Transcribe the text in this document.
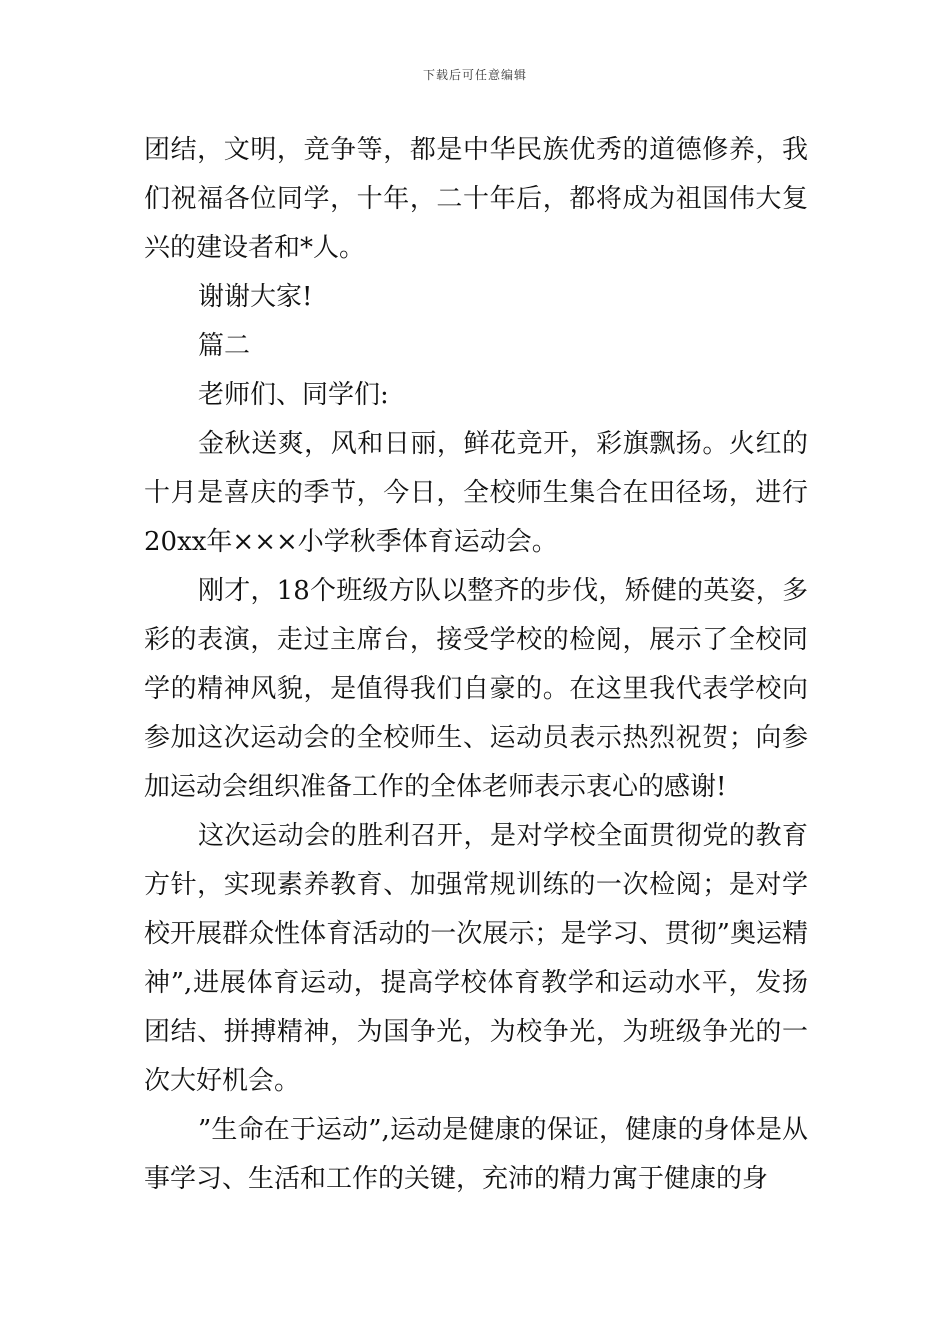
下载后可任意编辑

团结，文明，竞争等，都是中华民族优秀的道德修养，我们祝福各位同学，十年，二十年后，都将成为祖国伟大复兴的建设者和*人。

谢谢大家!

篇二

老师们、同学们:

金秋送爽，风和日丽，鲜花竞开，彩旗飘扬。火红的十月是喜庆的季节，今日，全校师生集合在田径场，进行20xx年×××小学秋季体育运动会。

刚才，18个班级方队以整齐的步伐，矫健的英姿，多彩的表演，走过主席台，接受学校的检阅，展示了全校同学的精神风貌，是值得我们自豪的。在这里我代表学校向参加这次运动会的全校师生、运动员表示热烈祝贺；向参加运动会组织准备工作的全体老师表示衷心的感谢!

这次运动会的胜利召开，是对学校全面贯彻党的教育方针，实现素养教育、加强常规训练的一次检阅；是对学校开展群众性体育活动的一次展示；是学习、贯彻”奥运精神”,进展体育运动，提高学校体育教学和运动水平，发扬团结、拼搏精神，为国争光，为校争光，为班级争光的一次大好机会。

”生命在于运动”,运动是健康的保证，健康的身体是从事学习、生活和工作的关键，充沛的精力寓于健康的身
